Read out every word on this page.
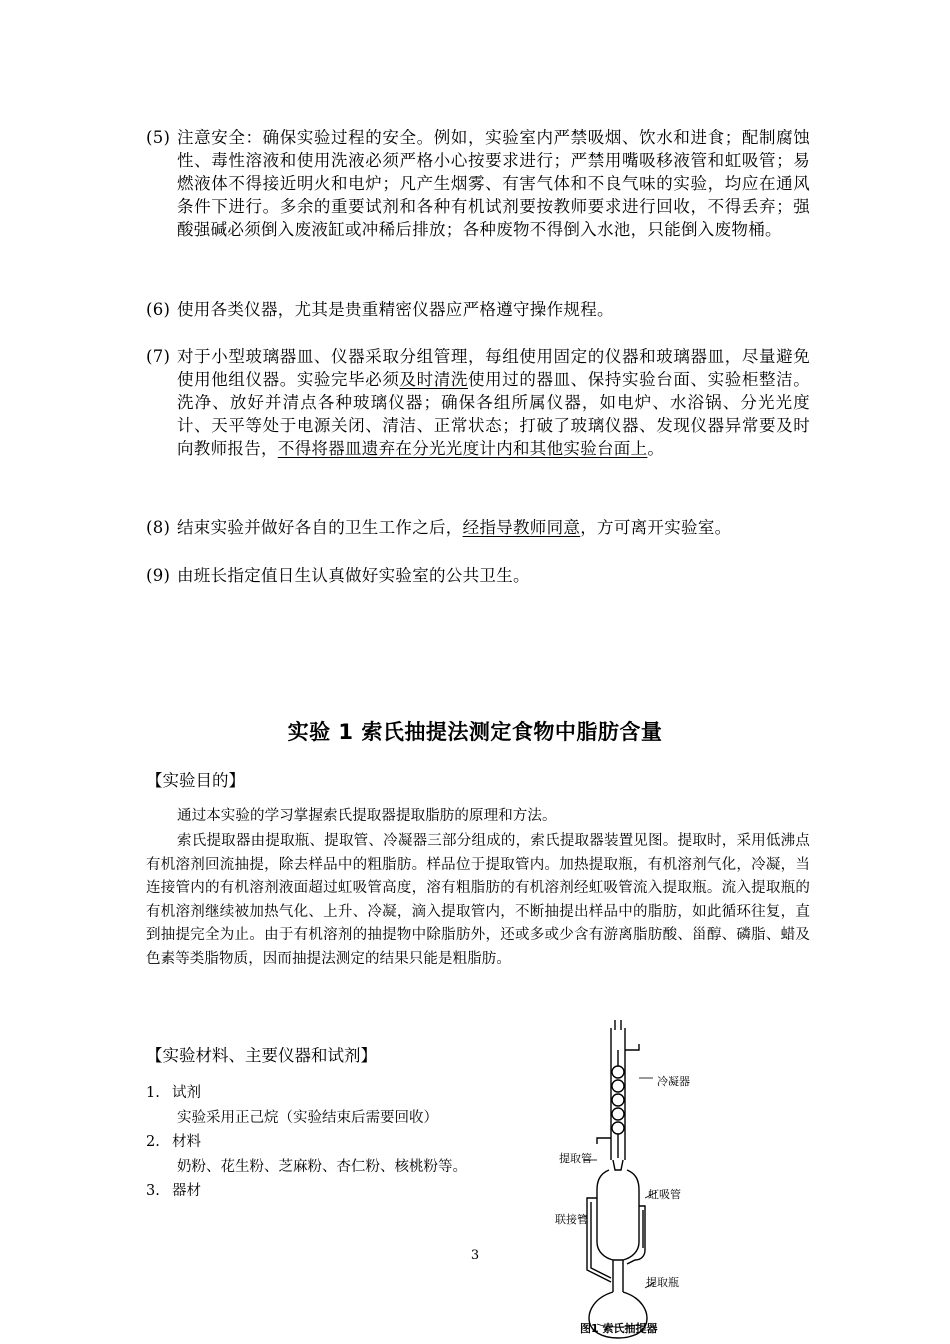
(5) 注意安全：确保实验过程的安全。例如，实验室内严禁吸烟、饮水和进食；配制腐蚀性、毒性溶液和使用洗液必须严格小心按要求进行；严禁用嘴吸移液管和虹吸管；易燃液体不得接近明火和电炉；凡产生烟雾、有害气体和不良气味的实验，均应在通风条件下进行。多余的重要试剂和各种有机试剂要按教师要求进行回收，不得丢弃；强酸强碱必须倒入废液缸或冲稀后排放；各种废物不得倒入水池，只能倒入废物桶。
(6) 使用各类仪器，尤其是贵重精密仪器应严格遵守操作规程。
(7) 对于小型玻璃器皿、仪器采取分组管理，每组使用固定的仪器和玻璃器皿，尽量避免使用他组仪器。实验完毕必须及时清洗使用过的器皿、保持实验台面、实验柜整洁。洗净、放好并清点各种玻璃仪器；确保各组所属仪器，如电炉、水浴锅、分光光度计、天平等处于电源关闭、清洁、正常状态；打破了玻璃仪器、发现仪器异常要及时向教师报告，不得将器皿遗弃在分光光度计内和其他实验台面上。
(8) 结束实验并做好各自的卫生工作之后，经指导教师同意，方可离开实验室。
(9) 由班长指定值日生认真做好实验室的公共卫生。
实验 1 索氏抽提法测定食物中脂肪含量
【实验目的】
通过本实验的学习掌握索氏提取器提取脂肪的原理和方法。
索氏提取器由提取瓶、提取管、冷凝器三部分组成的，索氏提取器装置见图。提取时，采用低沸点有机溶剂回流抽提，除去样品中的粗脂肪。样品位于提取管内。加热提取瓶，有机溶剂气化，冷凝，当连接管内的有机溶剂液面超过虹吸管高度，溶有粗脂肪的有机溶剂经虹吸管流入提取瓶。流入提取瓶的有机溶剂继续被加热气化、上升、冷凝，滴入提取管内，不断抽提出样品中的脂肪，如此循环往复，直到抽提完全为止。由于有机溶剂的抽提物中除脂肪外，还或多或少含有游离脂肪酸、甾醇、磷脂、蜡及色素等类脂物质，因而抽提法测定的结果只能是粗脂肪。
【实验材料、主要仪器和试剂】
1. 试剂
实验采用正己烷（实验结束后需要回收）
2. 材料
奶粉、花生粉、芝麻粉、杏仁粉、核桃粉等。
3. 器材
冷凝器
提取管
虹吸管
联接管
提取瓶
图1 索氏抽提器
3
